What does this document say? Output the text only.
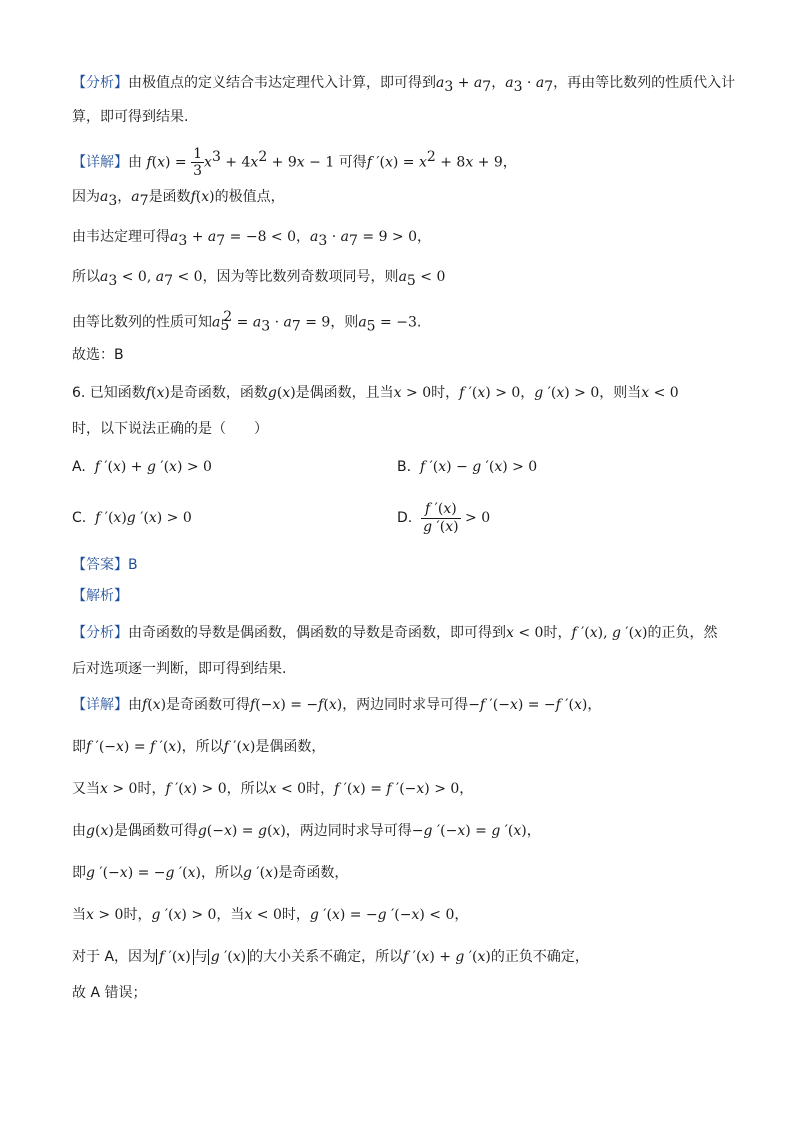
【分析】由极值点的定义结合韦达定理代入计算，即可得到$a_3 + a_7$，$a_3 \cdot a_7$，再由等比数列的性质代入计
算，即可得到结果.
【详解】由 $f(x) = \frac{1}{3} x^3 + 4x^2 + 9x - 1$ 可得f $'(x) = x^2 + 8x + 9$，
因为$a_3$，$a_7$是函数f(x)的极值点，
由韦达定理可得$a_3 + a_7 = -8 < 0$，$a_3 \cdot a_7 = 9 > 0$，
所以$a_3 < 0$, $a_7 < 0$，因为等比数列奇数项同号，则$a_5 < 0$
由等比数列的性质可知$a_5^2 = a_3 \cdot a_7 = 9$，则$a_5 = -3$.
故选：B
6. 已知函数f(x)是奇函数，函数g(x)是偶函数，且当x > 0时，f ′(x) > 0，g ′(x) > 0，则当x < 0
时，以下说法正确的是（　　）
A. f ′(x) + g ′(x) > 0	B. f ′(x) − g ′(x) > 0
C. f ′(x)g ′(x) > 0	D. $\frac{f '(x)}{g '(x)} > 0$
【答案】B
【解析】
【分析】由奇函数的导数是偶函数，偶函数的导数是奇函数，即可得到x < 0时，f ′(x), g ′(x)的正负，然
后对选项逐一判断，即可得到结果.
【详解】由f(x)是奇函数可得f(−x) = −f(x)，两边同时求导可得−f ′(−x) = −f ′(x)，
即f ′(−x) = f ′(x)，所以f ′(x)是偶函数，
又当x > 0时，f ′(x) > 0，所以x < 0时，f ′(x) = f ′(−x) > 0，
由g(x)是偶函数可得g(−x) = g(x)，两边同时求导可得−g ′(−x) = g ′(x)，
即g ′(−x) = −g ′(x)，所以g ′(x)是奇函数，
当x > 0时，g ′(x) > 0，当x < 0时，g ′(x) = −g ′(−x) < 0，
对于 A，因为 f ′(x) 与 g ′(x) 的大小关系不确定，所以f ′(x) + g ′(x)的正负不确定，
故 A 错误；
